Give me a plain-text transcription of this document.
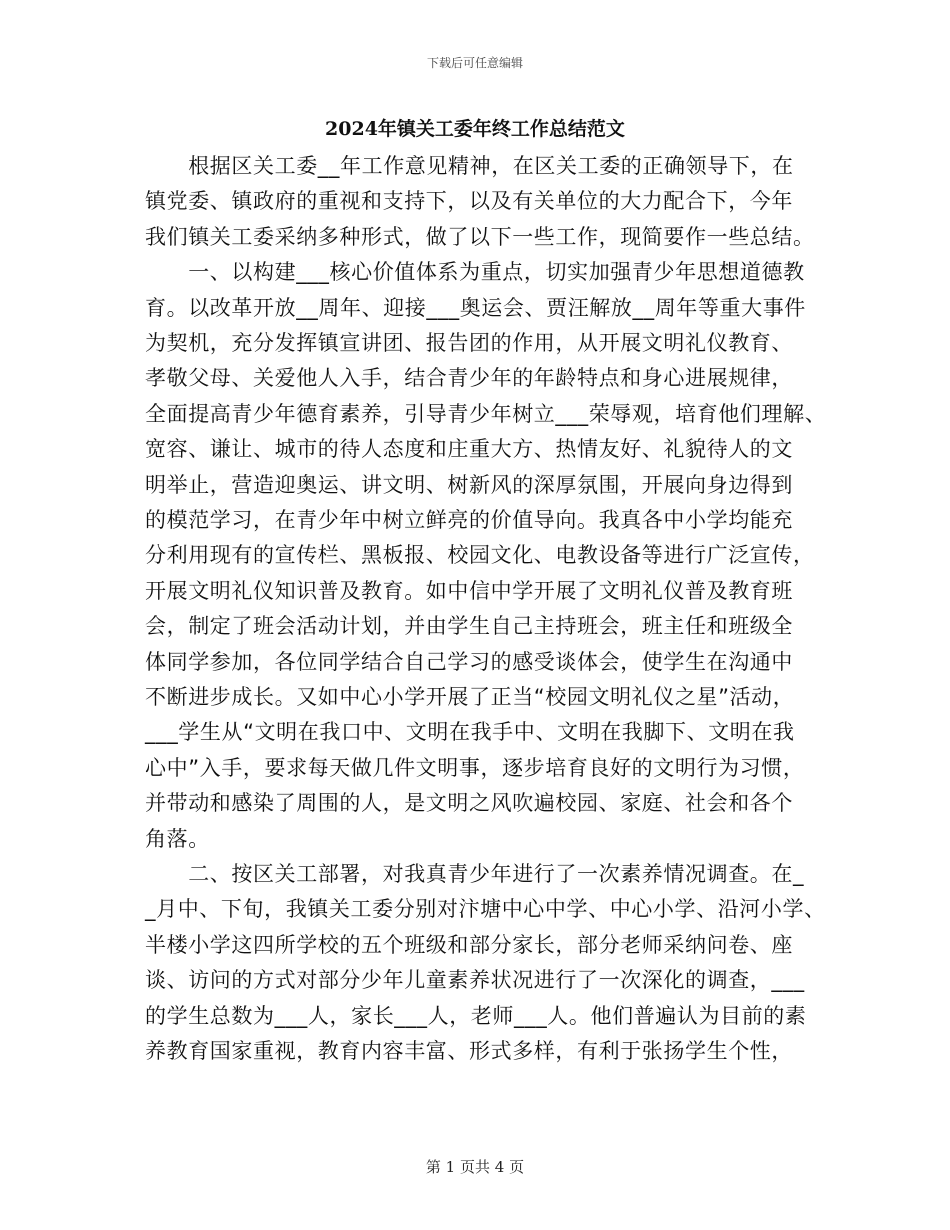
下载后可任意编辑
2024年镇关工委年终工作总结范文
　　根据区关工委__年工作意见精神，在区关工委的正确领导下，在
镇党委、镇政府的重视和支持下，以及有关单位的大力配合下，今年
我们镇关工委采纳多种形式，做了以下一些工作，现简要作一些总结。
　　一、以构建___核心价值体系为重点，切实加强青少年思想道德教
育。以改革开放__周年、迎接___奥运会、贾汪解放__周年等重大事件
为契机，充分发挥镇宣讲团、报告团的作用，从开展文明礼仪教育、
孝敬父母、关爱他人入手，结合青少年的年龄特点和身心进展规律，
全面提高青少年德育素养，引导青少年树立___荣辱观，培育他们理解、
宽容、谦让、城市的待人态度和庄重大方、热情友好、礼貌待人的文
明举止，营造迎奥运、讲文明、树新风的深厚氛围，开展向身边得到
的模范学习，在青少年中树立鲜亮的价值导向。我真各中小学均能充
分利用现有的宣传栏、黑板报、校园文化、电教设备等进行广泛宣传，
开展文明礼仪知识普及教育。如中信中学开展了文明礼仪普及教育班
会，制定了班会活动计划，并由学生自己主持班会，班主任和班级全
体同学参加，各位同学结合自己学习的感受谈体会，使学生在沟通中
不断进步成长。又如中心小学开展了正当“校园文明礼仪之星”活动，
___学生从“文明在我口中、文明在我手中、文明在我脚下、文明在我
心中”入手，要求每天做几件文明事，逐步培育良好的文明行为习惯，
并带动和感染了周围的人，是文明之风吹遍校园、家庭、社会和各个
角落。
　　二、按区关工部署，对我真青少年进行了一次素养情况调查。在_
_月中、下旬，我镇关工委分别对汴塘中心中学、中心小学、沿河小学、
半楼小学这四所学校的五个班级和部分家长，部分老师采纳问卷、座
谈、访问的方式对部分少年儿童素养状况进行了一次深化的调查，___
的学生总数为___人，家长___人，老师___人。他们普遍认为目前的素
养教育国家重视，教育内容丰富、形式多样，有利于张扬学生个性，
第 1 页共 4 页
